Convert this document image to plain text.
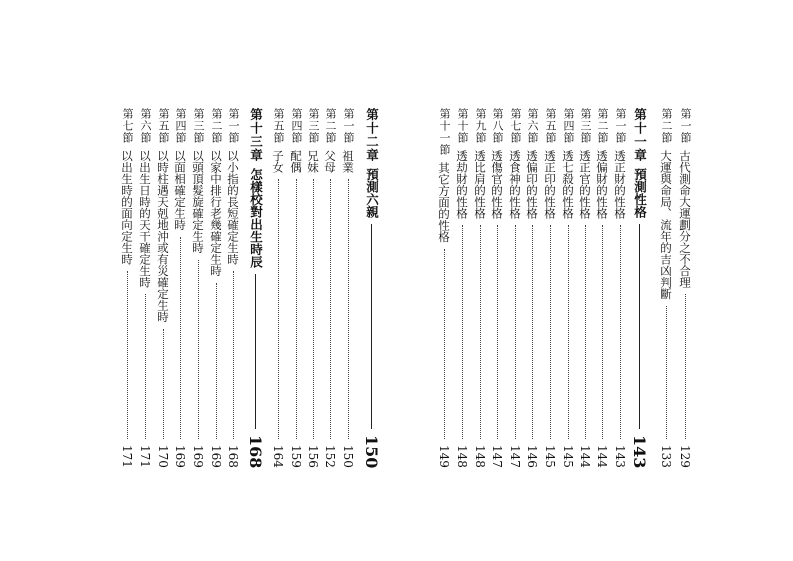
第一節
古代測命大運劃分之不合理
129
第二節
大運與命局、流年的吉凶判斷
133
第十一章
預測性格
143
第一節
透正財的性格
143
第二節
透偏財的性格
144
第三節
透正官的性格
144
第四節
透七殺的性格
145
第五節
透正印的性格
145
第六節
透偏印的性格
146
第七節
透食神的性格
147
第八節
透傷官的性格
147
第九節
透比肩的性格
148
第十節
透劫財的性格
148
第十一節
其它方面的性格
149
第十二章
預測六親
150
第一節
祖業
150
第二節
父母
152
第三節
兄妹
156
第四節
配偶
159
第五節
子女
164
第十三章
怎樣校對出生時辰
168
第一節
以小指的長短確定生時
168
第二節
以家中排行老幾確定生時
169
第三節
以頭頂髮旋確定生時
169
第四節
以面相確定生時
169
第五節
以時柱遇天剋地沖或有災確定生時
170
第六節
以出生日時的天干確定生時
171
第七節
以出生時的面向定生時
171
